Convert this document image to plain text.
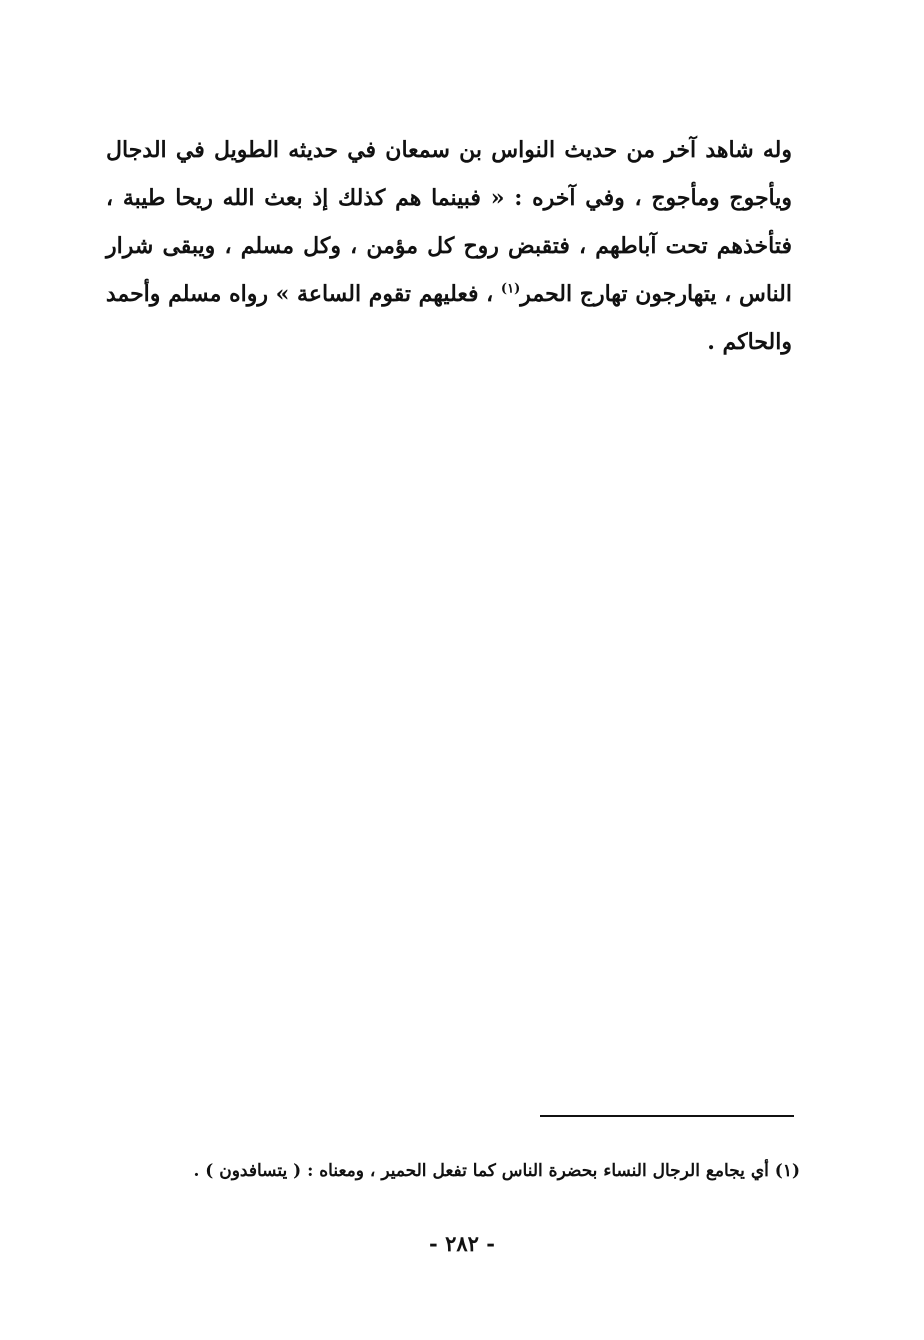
وله شاهد آخر من حديث النواس بن سمعان في حديثه الطويل في الدجال
ويأجوج ومأجوج ، وفي آخره : « فبينما هم كذلك إذ بعث الله ريحا طيبة ،
فتأخذهم تحت آباطهم ، فتقبض روح كل مؤمن ، وكل مسلم ، ويبقى شرار
الناس ، يتهارجون تهارج الحمر$^{(١)}$ ، فعليهم تقوم الساعة » رواه مسلم وأحمد
والحاكم .
(١) أي يجامع الرجال النساء بحضرة الناس كما تفعل الحمير ، ومعناه : ( يتسافدون ) .
- ٢٨٢ -
